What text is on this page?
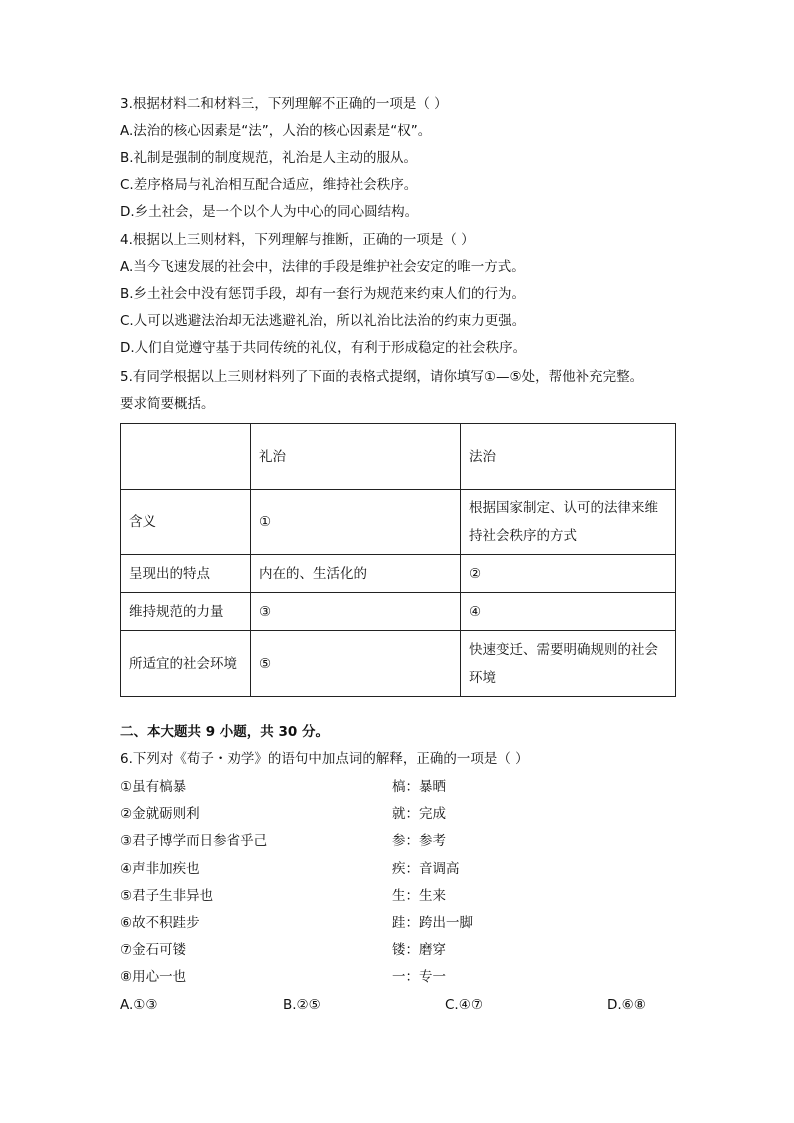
3.根据材料二和材料三，下列理解不正确的一项是（ ）
A.法治的核心因素是“法”，人治的核心因素是“权”。
B.礼制是强制的制度规范，礼治是人主动的服从。
C.差序格局与礼治相互配合适应，维持社会秩序。
D.乡土社会，是一个以个人为中心的同心圆结构。
4.根据以上三则材料，下列理解与推断，正确的一项是（ ）
A.当今飞速发展的社会中，法律的手段是维护社会安定的唯一方式。
B.乡土社会中没有惩罚手段，却有一套行为规范来约束人们的行为。
C.人可以逃避法治却无法逃避礼治，所以礼治比法治的约束力更强。
D.人们自觉遵守基于共同传统的礼仪，有利于形成稳定的社会秩序。
5.有同学根据以上三则材料列了下面的表格式提纲，请你填写①—⑤处，帮他补充完整。
要求简要概括。
	礼治	法治
含义	①	根据国家制定、认可的法律来维持社会秩序的方式
呈现出的特点	内在的、生活化的	②
维持规范的力量	③	④
所适宜的社会环境	⑤	快速变迁、需要明确规则的社会环境
二、本大题共 9 小题，共 30 分。
6.下列对《荀子・劝学》的语句中加点词的解释，正确的一项是（ ）
①虽有槁暴	槁：暴晒
②金就砺则利	就：完成
③君子博学而日参省乎己	参：参考
④声非加疾也	疾：音调高
⑤君子生非异也	生：生来
⑥故不积跬步	跬：跨出一脚
⑦金石可镂	镂：磨穿
⑧用心一也	一：专一
A.①③	B.②⑤	C.④⑦	D.⑥⑧
